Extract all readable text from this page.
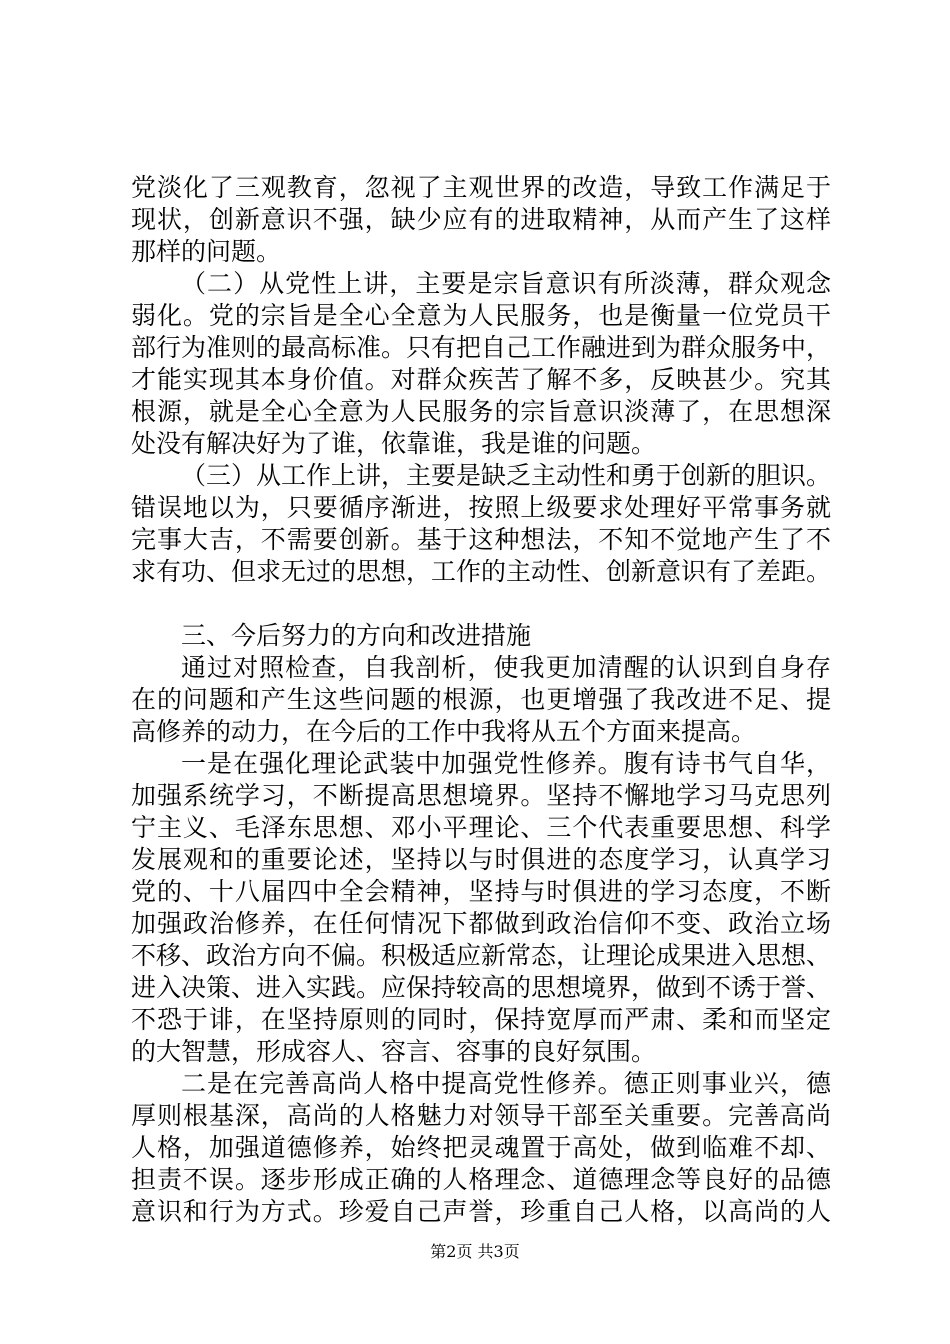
党淡化了三观教育，忽视了主观世界的改造，导致工作满足于
现状，创新意识不强，缺少应有的进取精神，从而产生了这样
那样的问题。
（二）从党性上讲，主要是宗旨意识有所淡薄，群众观念
弱化。党的宗旨是全心全意为人民服务，也是衡量一位党员干
部行为准则的最高标准。只有把自己工作融进到为群众服务中，
才能实现其本身价值。对群众疾苦了解不多，反映甚少。究其
根源，就是全心全意为人民服务的宗旨意识淡薄了，在思想深
处没有解决好为了谁，依靠谁，我是谁的问题。
（三）从工作上讲，主要是缺乏主动性和勇于创新的胆识。
错误地以为，只要循序渐进，按照上级要求处理好平常事务就
完事大吉，不需要创新。基于这种想法，不知不觉地产生了不
求有功、但求无过的思想，工作的主动性、创新意识有了差距。
三、今后努力的方向和改进措施
通过对照检查，自我剖析，使我更加清醒的认识到自身存
在的问题和产生这些问题的根源，也更增强了我改进不足、提
高修养的动力，在今后的工作中我将从五个方面来提高。
一是在强化理论武装中加强党性修养。腹有诗书气自华，
加强系统学习，不断提高思想境界。坚持不懈地学习马克思列
宁主义、毛泽东思想、邓小平理论、三个代表重要思想、科学
发展观和的重要论述，坚持以与时俱进的态度学习，认真学习
党的、十八届四中全会精神，坚持与时俱进的学习态度，不断
加强政治修养，在任何情况下都做到政治信仰不变、政治立场
不移、政治方向不偏。积极适应新常态，让理论成果进入思想、
进入决策、进入实践。应保持较高的思想境界，做到不诱于誉、
不恐于诽，在坚持原则的同时，保持宽厚而严肃、柔和而坚定
的大智慧，形成容人、容言、容事的良好氛围。
二是在完善高尚人格中提高党性修养。德正则事业兴，德
厚则根基深，高尚的人格魅力对领导干部至关重要。完善高尚
人格，加强道德修养，始终把灵魂置于高处，做到临难不却、
担责不误。逐步形成正确的人格理念、道德理念等良好的品德
意识和行为方式。珍爱自己声誉，珍重自己人格，以高尚的人
第2页 共3页
